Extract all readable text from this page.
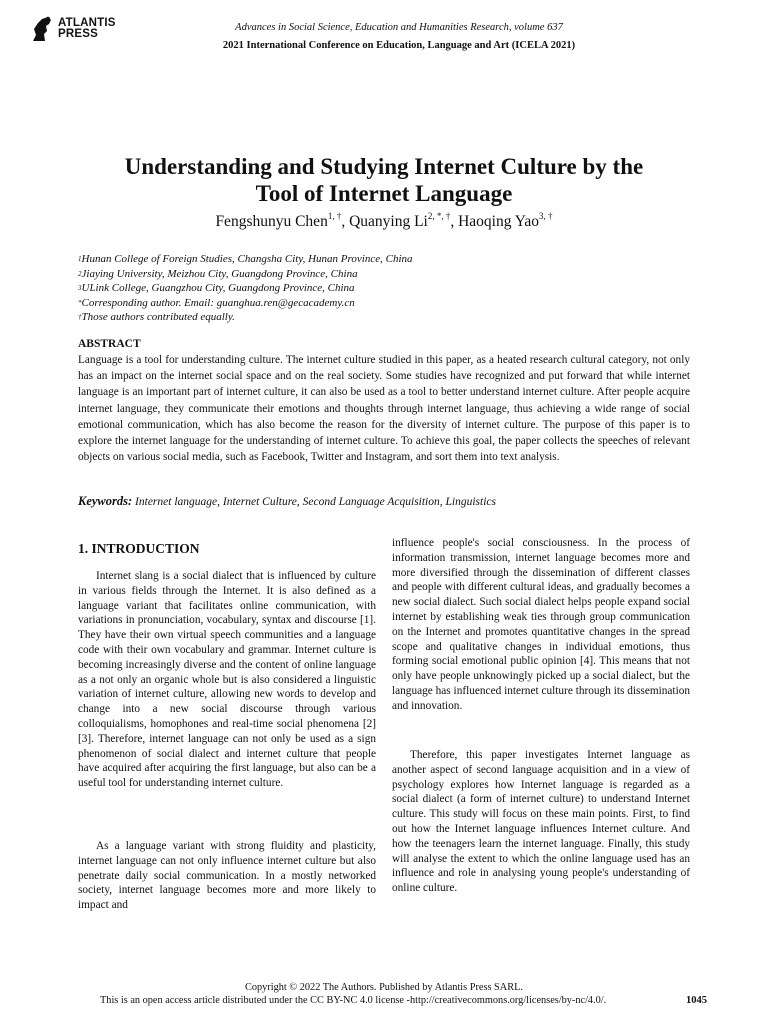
ATLANTIS
PRESS
Advances in Social Science, Education and Humanities Research, volume 637
2021 International Conference on Education, Language and Art (ICELA 2021)
Understanding and Studying Internet Culture by the
Tool of Internet Language
Fengshunyu Chen$^{1, \dagger}$, Quanying $Li^{2, *, \dagger}$, Haoqing Yao$^{3, \dagger}$
$^1$Hunan College of Foreign Studies, Changsha City, Hunan Province, China
$^2$Jiaying University, Meizhou City, Guangdong Province, China
$^3$ULink College, Guangzhou City, Guangdong Province, China
*Corresponding author. Email: guanghua.ren@gecacademy.cn
†Those authors contributed equally.
ABSTRACT
Language is a tool for understanding culture. The internet culture studied in this paper, as a heated research cultural category, not only has an impact on the internet social space and on the real society. Some studies have recognized and put forward that while internet language is an important part of internet culture, it can also be used as a tool to better understand internet culture. After people acquire internet language, they communicate their emotions and thoughts through internet language, thus achieving a wide range of social emotional communication, which has also become the reason for the diversity of internet culture. The purpose of this paper is to explore the internet language for the understanding of internet culture. To achieve this goal, the paper collects the speeches of relevant objects on various social media, such as Facebook, Twitter and Instagram, and sort them into text analysis.
Keywords: Internet language, Internet Culture, Second Language Acquisition, Linguistics
1. INTRODUCTION

Internet slang is a social dialect that is influenced by culture in various fields through the Internet. It is also defined as a language variant that facilitates online communication, with variations in pronunciation, vocabulary, syntax and discourse [1]. They have their own virtual speech communities and a language code with their own vocabulary and grammar. Internet culture is becoming increasingly diverse and the content of online language as a not only an organic whole but is also considered a linguistic variation of internet culture, allowing new words to develop and change into a new social discourse through various colloquialisms, homophones and real-time social phenomena [2][3]. Therefore, internet language can not only be used as a sign phenomenon of social dialect and internet culture that people have acquired after acquiring the first language, but also can be a useful tool for understanding internet culture.

As a language variant with strong fluidity and plasticity, internet language can not only influence internet culture but also penetrate daily social communication. In a mostly networked society, internet language becomes more and more likely to impact and

influence people's social consciousness. In the process of information transmission, internet language becomes more and more diversified through the dissemination of different classes and people with different cultural ideas, and gradually becomes a new social dialect. Such social dialect helps people expand social internet by establishing weak ties through group communication on the Internet and promotes quantitative changes in the spread scope and qualitative changes in individual emotions, thus forming social emotional public opinion [4]. This means that not only have people unknowingly picked up a social dialect, but the language has influenced internet culture through its dissemination and innovation.

Therefore, this paper investigates Internet language as another aspect of second language acquisition and in a view of psychology explores how Internet language is regarded as a social dialect (a form of internet culture) to understand Internet culture. This study will focus on these main points. First, to find out how the Internet language influences Internet culture. And how the teenagers learn the internet language. Finally, this study will analyse the extent to which the online language used has an influence and role in analysing young people's understanding of online culture.

Copyright © 2022 The Authors. Published by Atlantis Press SARL.
This is an open access article distributed under the CC BY-NC 4.0 license -http://creativecommons.org/licenses/by-nc/4.0/.	1045
